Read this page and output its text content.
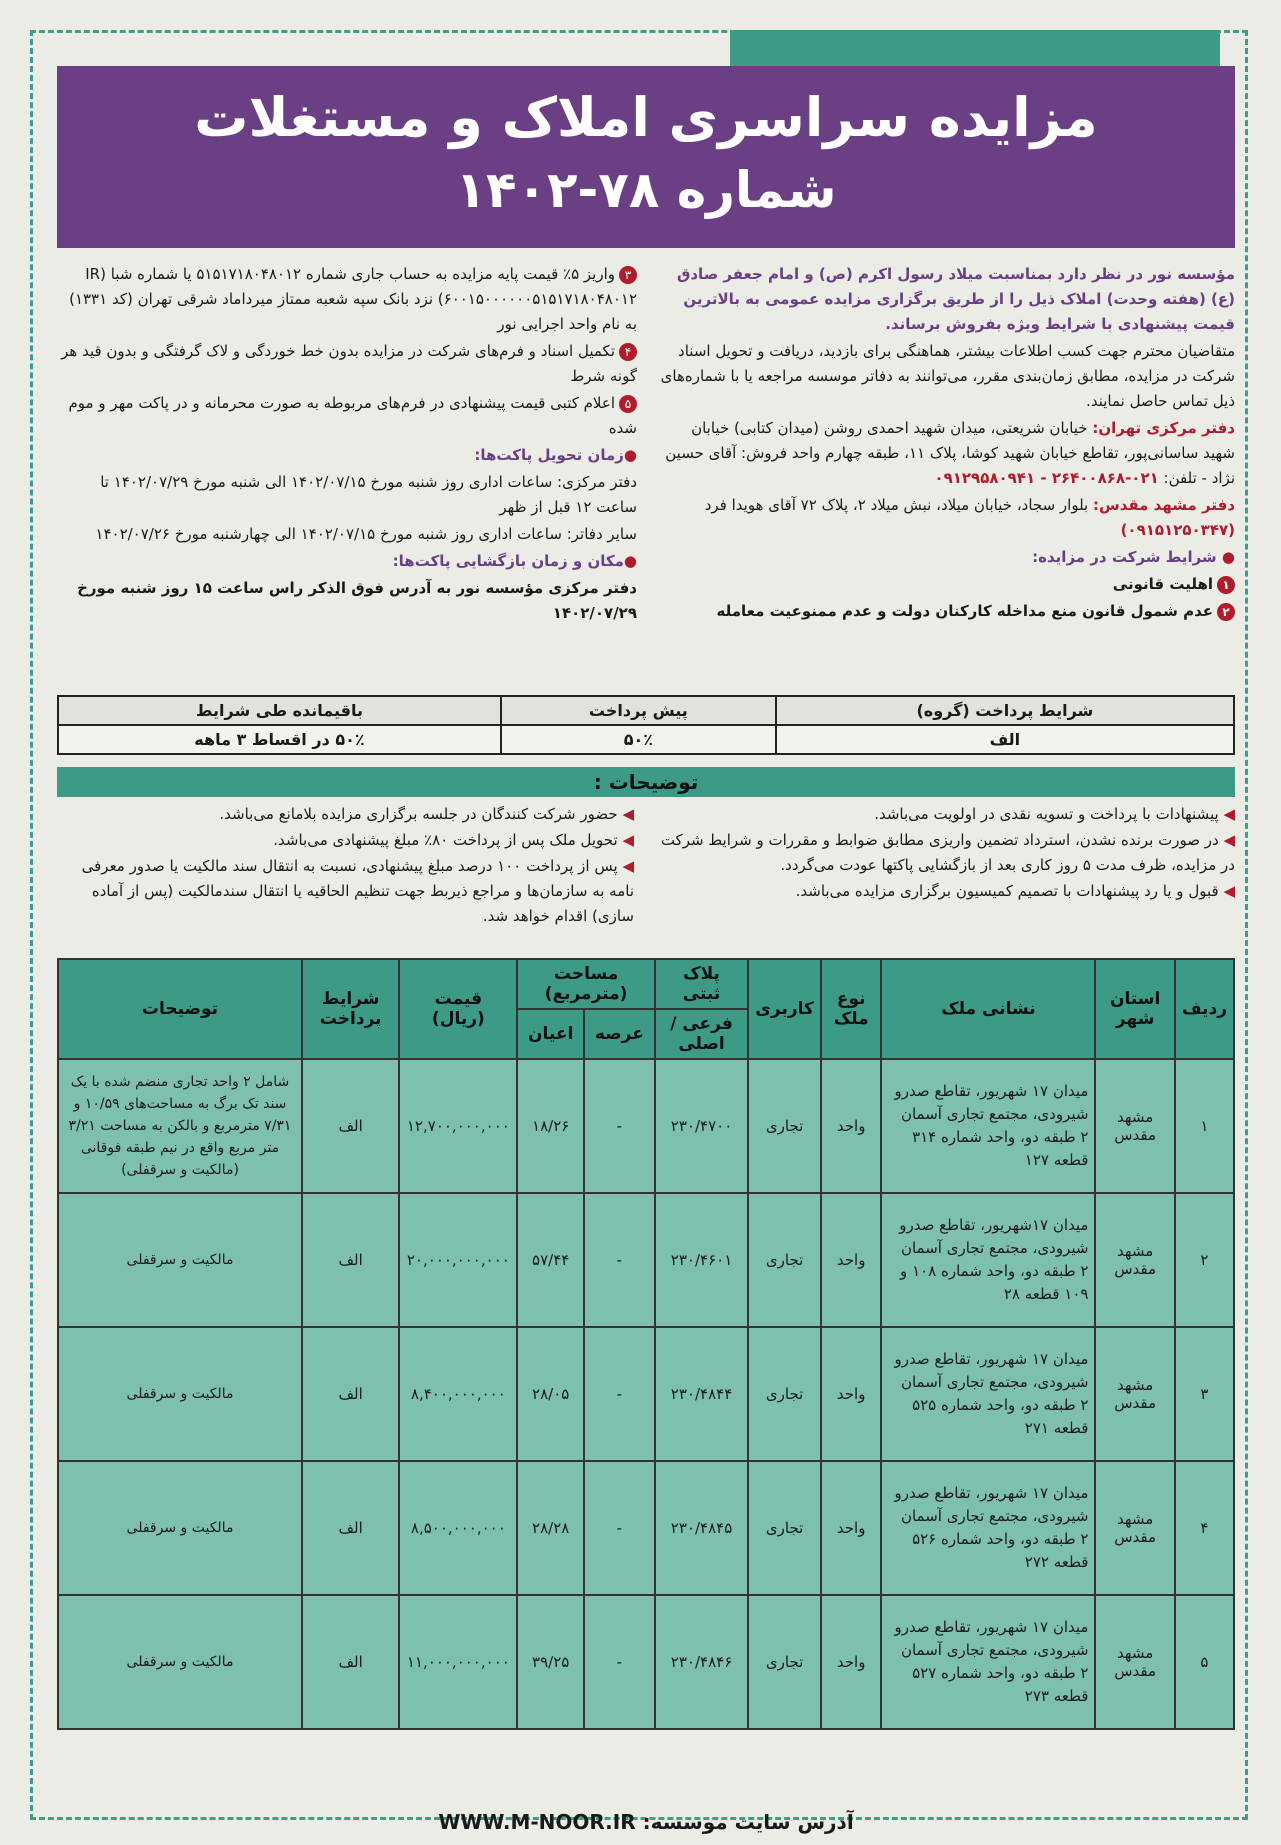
مزایده سراسری املاک و مستغلات
شماره ۷۸-۱۴۰۲

مؤسسه نور در نظر دارد بمناسبت میلاد رسول اکرم (ص) و امام جعفر صادق (ع) (هفته وحدت) املاک ذیل را از طریق برگزاری مزایده عمومی به بالاترین قیمت پیشنهادی با شرایط ویژه بفروش برساند.

متقاضیان محترم جهت کسب اطلاعات بیشتر، هماهنگی برای بازدید، دریافت و تحویل اسناد شرکت در مزایده، مطابق زمان‌بندی مقرر، می‌توانند به دفاتر موسسه مراجعه یا با شماره‌های ذیل تماس حاصل نمایند.

دفتر مرکزی تهران: خیابان شریعتی، میدان شهید احمدی روشن (میدان کتابی) خیابان شهید ساسانی‌پور، تقاطع خیابان شهید کوشا، پلاک ۱۱، طبقه چهارم واحد فروش: آقای حسین نژاد - تلفن: ۰۲۱-۲۶۴۰۰۸۶۸ - ۰۹۱۲۹۵۸۰۹۴۱

دفتر مشهد مقدس: بلوار سجاد، خیابان میلاد، نبش میلاد ۲، پلاک ۷۲ آقای هویدا فرد (۰۹۱۵۱۲۵۰۳۴۷)

● شرایط شرکت در مزایده:

۱اهلیت قانونی

۲عدم شمول قانون منع مداخله کارکنان دولت و عدم ممنوعیت معامله

۳واریز ۵٪ قیمت پایه مزایده به حساب جاری شماره ۵۱۵۱۷۱۸۰۴۸۰۱۲ یا شماره شبا (IR ۶۰۰۱۵۰۰۰۰۰۰۵۱۵۱۷۱۸۰۴۸۰۱۲) نزد بانک سپه شعبه ممتاز میرداماد شرقی تهران (کد ۱۳۳۱) به نام واحد اجرایی نور

۴تکمیل اسناد و فرم‌های شرکت در مزایده بدون خط خوردگی و لاک گرفتگی و بدون قید هر گونه شرط

۵اعلام کتبی قیمت پیشنهادی در فرم‌های مربوطه به صورت محرمانه و در پاکت مهر و موم شده

●زمان تحویل پاکت‌ها:

دفتر مرکزی: ساعات اداری روز شنبه مورخ ۱۴۰۲/۰۷/۱۵ الی شنبه مورخ ۱۴۰۲/۰۷/۲۹ تا ساعت ۱۲ قبل از ظهر

سایر دفاتر: ساعات اداری روز شنبه مورخ ۱۴۰۲/۰۷/۱۵ الی چهارشنبه مورخ ۱۴۰۲/۰۷/۲۶

●مکان و زمان بازگشایی پاکت‌ها:

دفتر مرکزی مؤسسه نور به آدرس فوق الذکر راس ساعت ۱۵ روز شنبه مورخ ۱۴۰۲/۰۷/۲۹

شرایط پرداخت (گروه)	پیش پرداخت	باقیمانده طی شرایط
الف	۵۰٪	۵۰٪ در اقساط ۳ ماهه
توضیحات :

◀ پیشنهادات با پرداخت و تسویه نقدی در اولویت می‌باشد.

◀ در صورت برنده نشدن، استرداد تضمین واریزی مطابق ضوابط و مقررات و شرایط شرکت در مزایده، ظرف مدت ۵ روز کاری بعد از بازگشایی پاکتها عودت می‌گردد.

◀ قبول و یا رد پیشنهادات با تصمیم کمیسیون برگزاری مزایده می‌باشد.

◀ حضور شرکت کنندگان در جلسه برگزاری مزایده بلامانع می‌باشد.

◀ تحویل ملک پس از پرداخت ۸۰٪ مبلغ پیشنهادی می‌باشد.

◀ پس از پرداخت ۱۰۰ درصد مبلغ پیشنهادی، نسبت به انتقال سند مالکیت یا صدور معرفی نامه به سازمان‌ها و مراجع ذیربط جهت تنظیم الحاقیه یا انتقال سندمالکیت (پس از آماده سازی) اقدام خواهد شد.

ردیف	استان شهر	نشانی ملک	نوع ملک	کاربری	پلاک ثبتی	مساحت (مترمربع)		قیمت (ریال)	شرایط پرداخت	توضیحات
					فرعی / اصلی	عرصه	اعیان			
۱	مشهد مقدس	میدان ۱۷ شهریور، تقاطع صدرو شیرودی، مجتمع تجاری آسمان ۲ طبقه دو، واحد شماره ۳۱۴ قطعه ۱۲۷	واحد	تجاری	۲۳۰/۴۷۰۰	-	۱۸/۲۶	۱۲,۷۰۰,۰۰۰,۰۰۰	الف	شامل ۲ واحد تجاری منضم شده با یک سند تک برگ به مساحت‌های ۱۰/۵۹ و ۷/۳۱ مترمربع و بالکن به مساحت ۳/۲۱ متر مربع واقع در نیم طبقه فوقانی (مالکیت و سرقفلی)
۲	مشهد مقدس	میدان ۱۷شهریور، تقاطع صدرو شیرودی، مجتمع تجاری آسمان ۲ طبقه دو، واحد شماره ۱۰۸ و ۱۰۹ قطعه ۲۸	واحد	تجاری	۲۳۰/۴۶۰۱	-	۵۷/۴۴	۲۰,۰۰۰,۰۰۰,۰۰۰	الف	مالکیت و سرقفلی
۳	مشهد مقدس	میدان ۱۷ شهریور، تقاطع صدرو شیرودی، مجتمع تجاری آسمان ۲ طبقه دو، واحد شماره ۵۲۵ قطعه ۲۷۱	واحد	تجاری	۲۳۰/۴۸۴۴	-	۲۸/۰۵	۸,۴۰۰,۰۰۰,۰۰۰	الف	مالکیت و سرقفلی
۴	مشهد مقدس	میدان ۱۷ شهریور، تقاطع صدرو شیرودی، مجتمع تجاری آسمان ۲ طبقه دو، واحد شماره ۵۲۶ قطعه ۲۷۲	واحد	تجاری	۲۳۰/۴۸۴۵	-	۲۸/۲۸	۸,۵۰۰,۰۰۰,۰۰۰	الف	مالکیت و سرقفلی
۵	مشهد مقدس	میدان ۱۷ شهریور، تقاطع صدرو شیرودی، مجتمع تجاری آسمان ۲ طبقه دو، واحد شماره ۵۲۷ قطعه ۲۷۳	واحد	تجاری	۲۳۰/۴۸۴۶	-	۳۹/۲۵	۱۱,۰۰۰,۰۰۰,۰۰۰	الف	مالکیت و سرقفلی
آدرس سایت موسسه: WWW.M-NOOR.IR
